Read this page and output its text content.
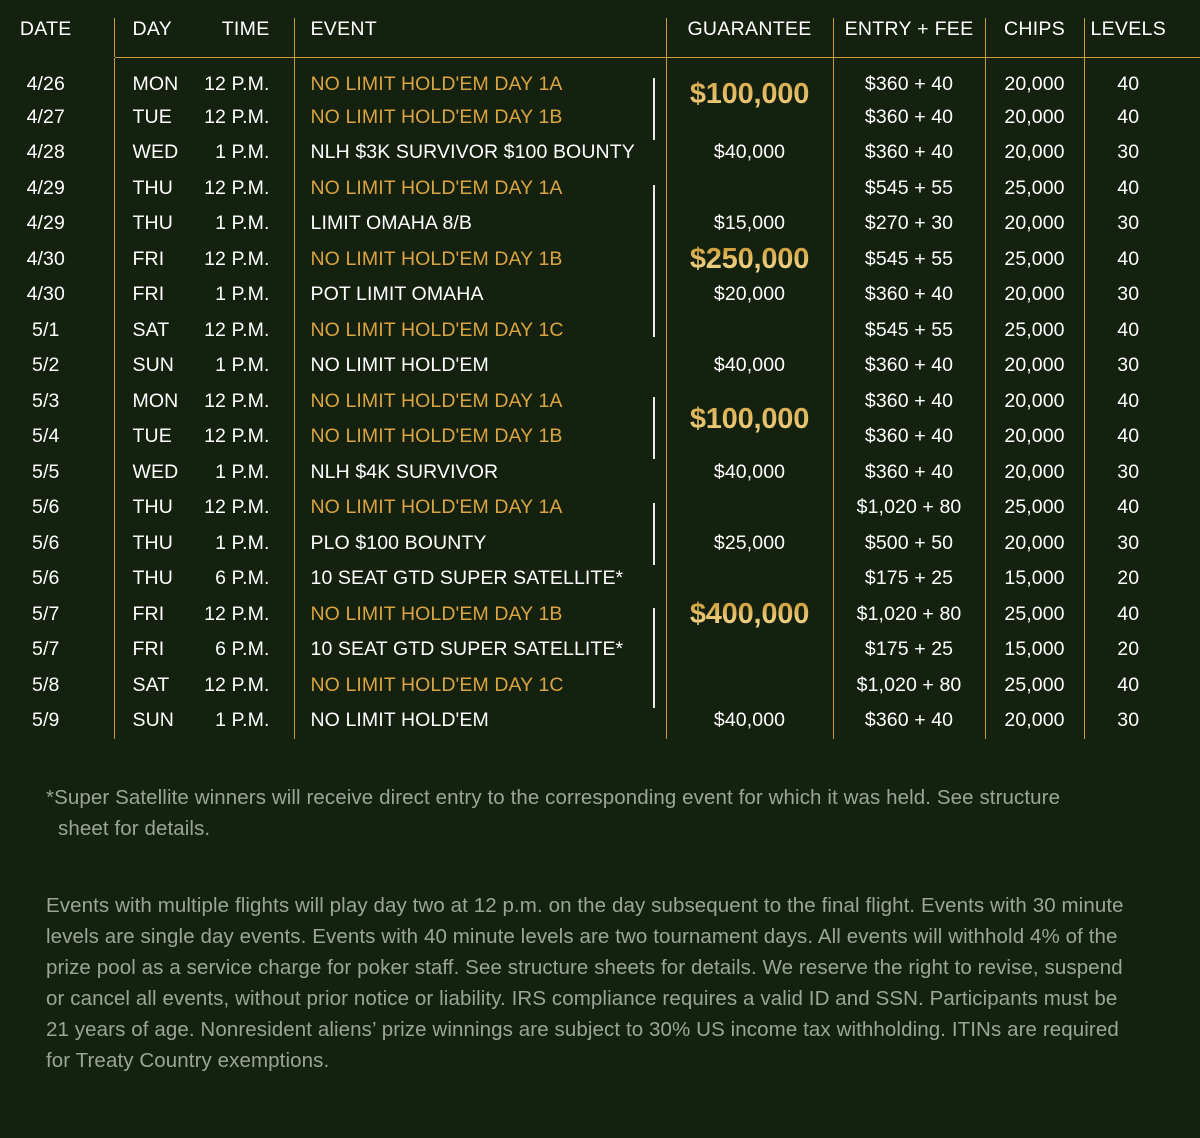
DATE	DAY	TIME	EVENT	GUARANTEE	ENTRY + FEE	CHIPS	LEVELS
4/26	MON	12 P.M.	NO LIMIT HOLD'EM DAY 1A	$100,000	$360 + 40	20,000	40
4/27	TUE	12 P.M.	NO LIMIT HOLD'EM DAY 1B		$360 + 40	20,000	40
4/28	WED	1 P.M.	NLH $3K SURVIVOR $100 BOUNTY	$40,000	$360 + 40	20,000	30
4/29	THU	12 P.M.	NO LIMIT HOLD'EM DAY 1A		$545 + 55	25,000	40
4/29	THU	1 P.M.	LIMIT OMAHA 8/B	$15,000	$270 + 30	20,000	30
4/30	FRI	12 P.M.	NO LIMIT HOLD'EM DAY 1B	$250,000	$545 + 55	25,000	40
4/30	FRI	1 P.M.	POT LIMIT OMAHA	$20,000	$360 + 40	20,000	30
5/1	SAT	12 P.M.	NO LIMIT HOLD'EM DAY 1C		$545 + 55	25,000	40
5/2	SUN	1 P.M.	NO LIMIT HOLD'EM	$40,000	$360 + 40	20,000	30
5/3	MON	12 P.M.	NO LIMIT HOLD'EM DAY 1A	$100,000	$360 + 40	20,000	40
5/4	TUE	12 P.M.	NO LIMIT HOLD'EM DAY 1B		$360 + 40	20,000	40
5/5	WED	1 P.M.	NLH $4K SURVIVOR	$40,000	$360 + 40	20,000	30
5/6	THU	12 P.M.	NO LIMIT HOLD'EM DAY 1A		$1,020 + 80	25,000	40
5/6	THU	1 P.M.	PLO $100 BOUNTY	$25,000	$500 + 50	20,000	30
5/6	THU	6 P.M.	10 SEAT GTD SUPER SATELLITE*		$175 + 25	15,000	20
5/7	FRI	12 P.M.	NO LIMIT HOLD'EM DAY 1B	$400,000	$1,020 + 80	25,000	40
5/7	FRI	6 P.M.	10 SEAT GTD SUPER SATELLITE*		$175 + 25	15,000	20
5/8	SAT	12 P.M.	NO LIMIT HOLD'EM DAY 1C		$1,020 + 80	25,000	40
5/9	SUN	1 P.M.	NO LIMIT HOLD'EM	$40,000	$360 + 40	20,000	30

*Super Satellite winners will receive direct entry to the corresponding event for which it was held. See structure sheet for details.

Events with multiple flights will play day two at 12 p.m. on the day subsequent to the final flight. Events with 30 minute levels are single day events. Events with 40 minute levels are two tournament days. All events will withhold 4% of the prize pool as a service charge for poker staff. See structure sheets for details. We reserve the right to revise, suspend or cancel all events, without prior notice or liability. IRS compliance requires a valid ID and SSN. Participants must be 21 years of age. Nonresident aliens’ prize winnings are subject to 30% US income tax withholding. ITINs are required for Treaty Country exemptions.
